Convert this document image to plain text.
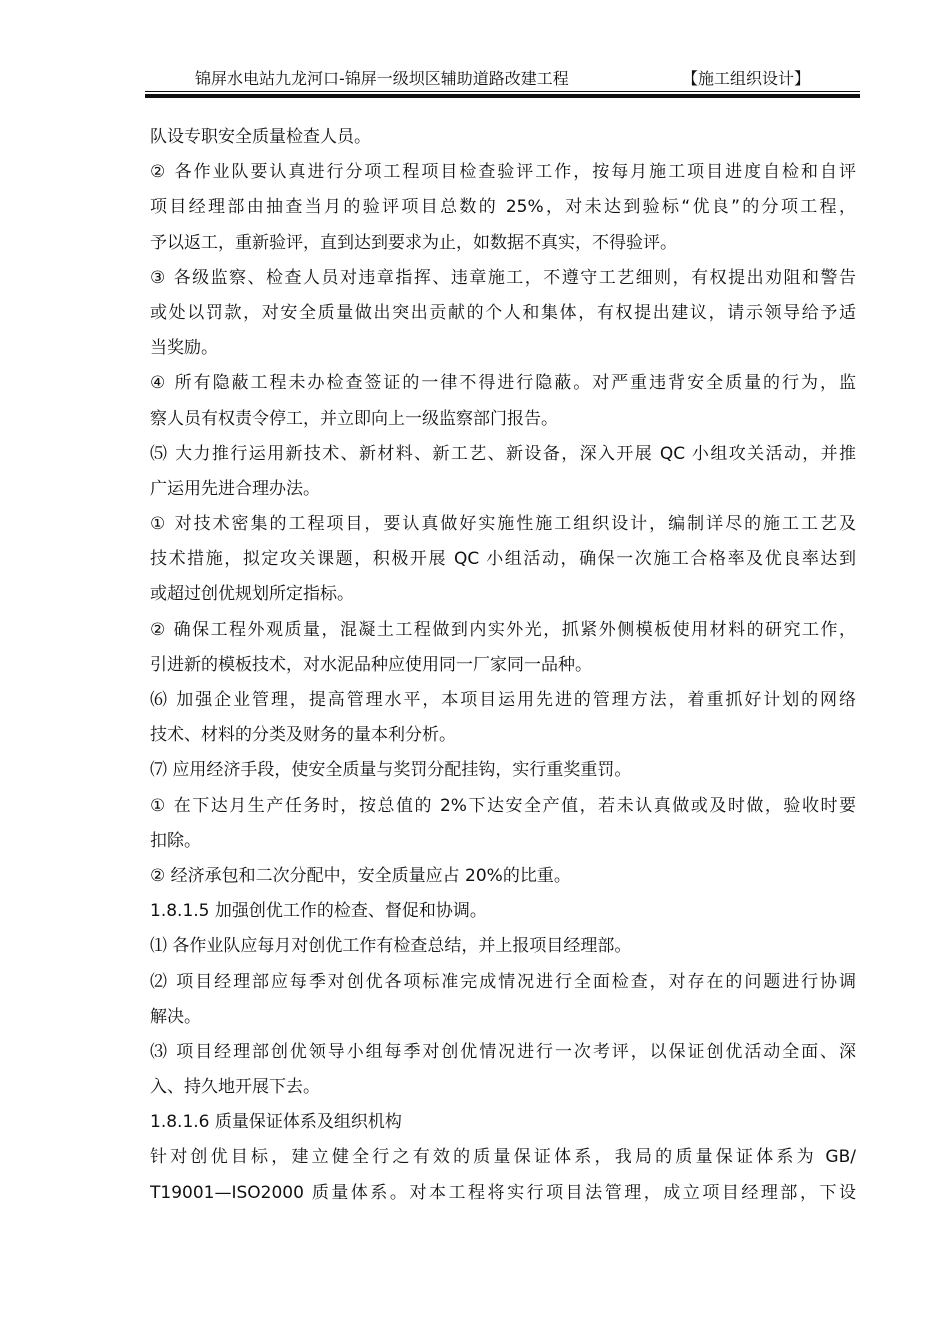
锦屏水电站九龙河口-锦屏一级坝区辅助道路改建工程	【施工组织设计】
队设专职安全质量检查人员。
② 各作业队要认真进行分项工程项目检查验评工作，按每月施工项目进度自检和自评
项目经理部由抽查当月的验评项目总数的 25%，对未达到验标“优良”的分项工程，
予以返工，重新验评，直到达到要求为止，如数据不真实，不得验评。
③ 各级监察、检查人员对违章指挥、违章施工，不遵守工艺细则，有权提出劝阻和警告
或处以罚款，对安全质量做出突出贡献的个人和集体，有权提出建议，请示领导给予适
当奖励。
④ 所有隐蔽工程未办检查签证的一律不得进行隐蔽。对严重违背安全质量的行为，监
察人员有权责令停工，并立即向上一级监察部门报告。
⑸ 大力推行运用新技术、新材料、新工艺、新设备，深入开展 QC 小组攻关活动，并推
广运用先进合理办法。
① 对技术密集的工程项目，要认真做好实施性施工组织设计，编制详尽的施工工艺及
技术措施，拟定攻关课题，积极开展 QC 小组活动，确保一次施工合格率及优良率达到
或超过创优规划所定指标。
② 确保工程外观质量，混凝土工程做到内实外光，抓紧外侧模板使用材料的研究工作，
引进新的模板技术，对水泥品种应使用同一厂家同一品种。
⑹ 加强企业管理，提高管理水平，本项目运用先进的管理方法，着重抓好计划的网络
技术、材料的分类及财务的量本利分析。
⑺ 应用经济手段，使安全质量与奖罚分配挂钩，实行重奖重罚。
① 在下达月生产任务时，按总值的 2%下达安全产值，若未认真做或及时做，验收时要
扣除。
② 经济承包和二次分配中，安全质量应占 20%的比重。
1.8.1.5 加强创优工作的检查、督促和协调。
⑴ 各作业队应每月对创优工作有检查总结，并上报项目经理部。
⑵ 项目经理部应每季对创优各项标准完成情况进行全面检查，对存在的问题进行协调
解决。
⑶ 项目经理部创优领导小组每季对创优情况进行一次考评，以保证创优活动全面、深
入、持久地开展下去。
1.8.1.6 质量保证体系及组织机构
针对创优目标，建立健全行之有效的质量保证体系，我局的质量保证体系为 GB/
T19001—ISO2000 质量体系。对本工程将实行项目法管理，成立项目经理部，下设
